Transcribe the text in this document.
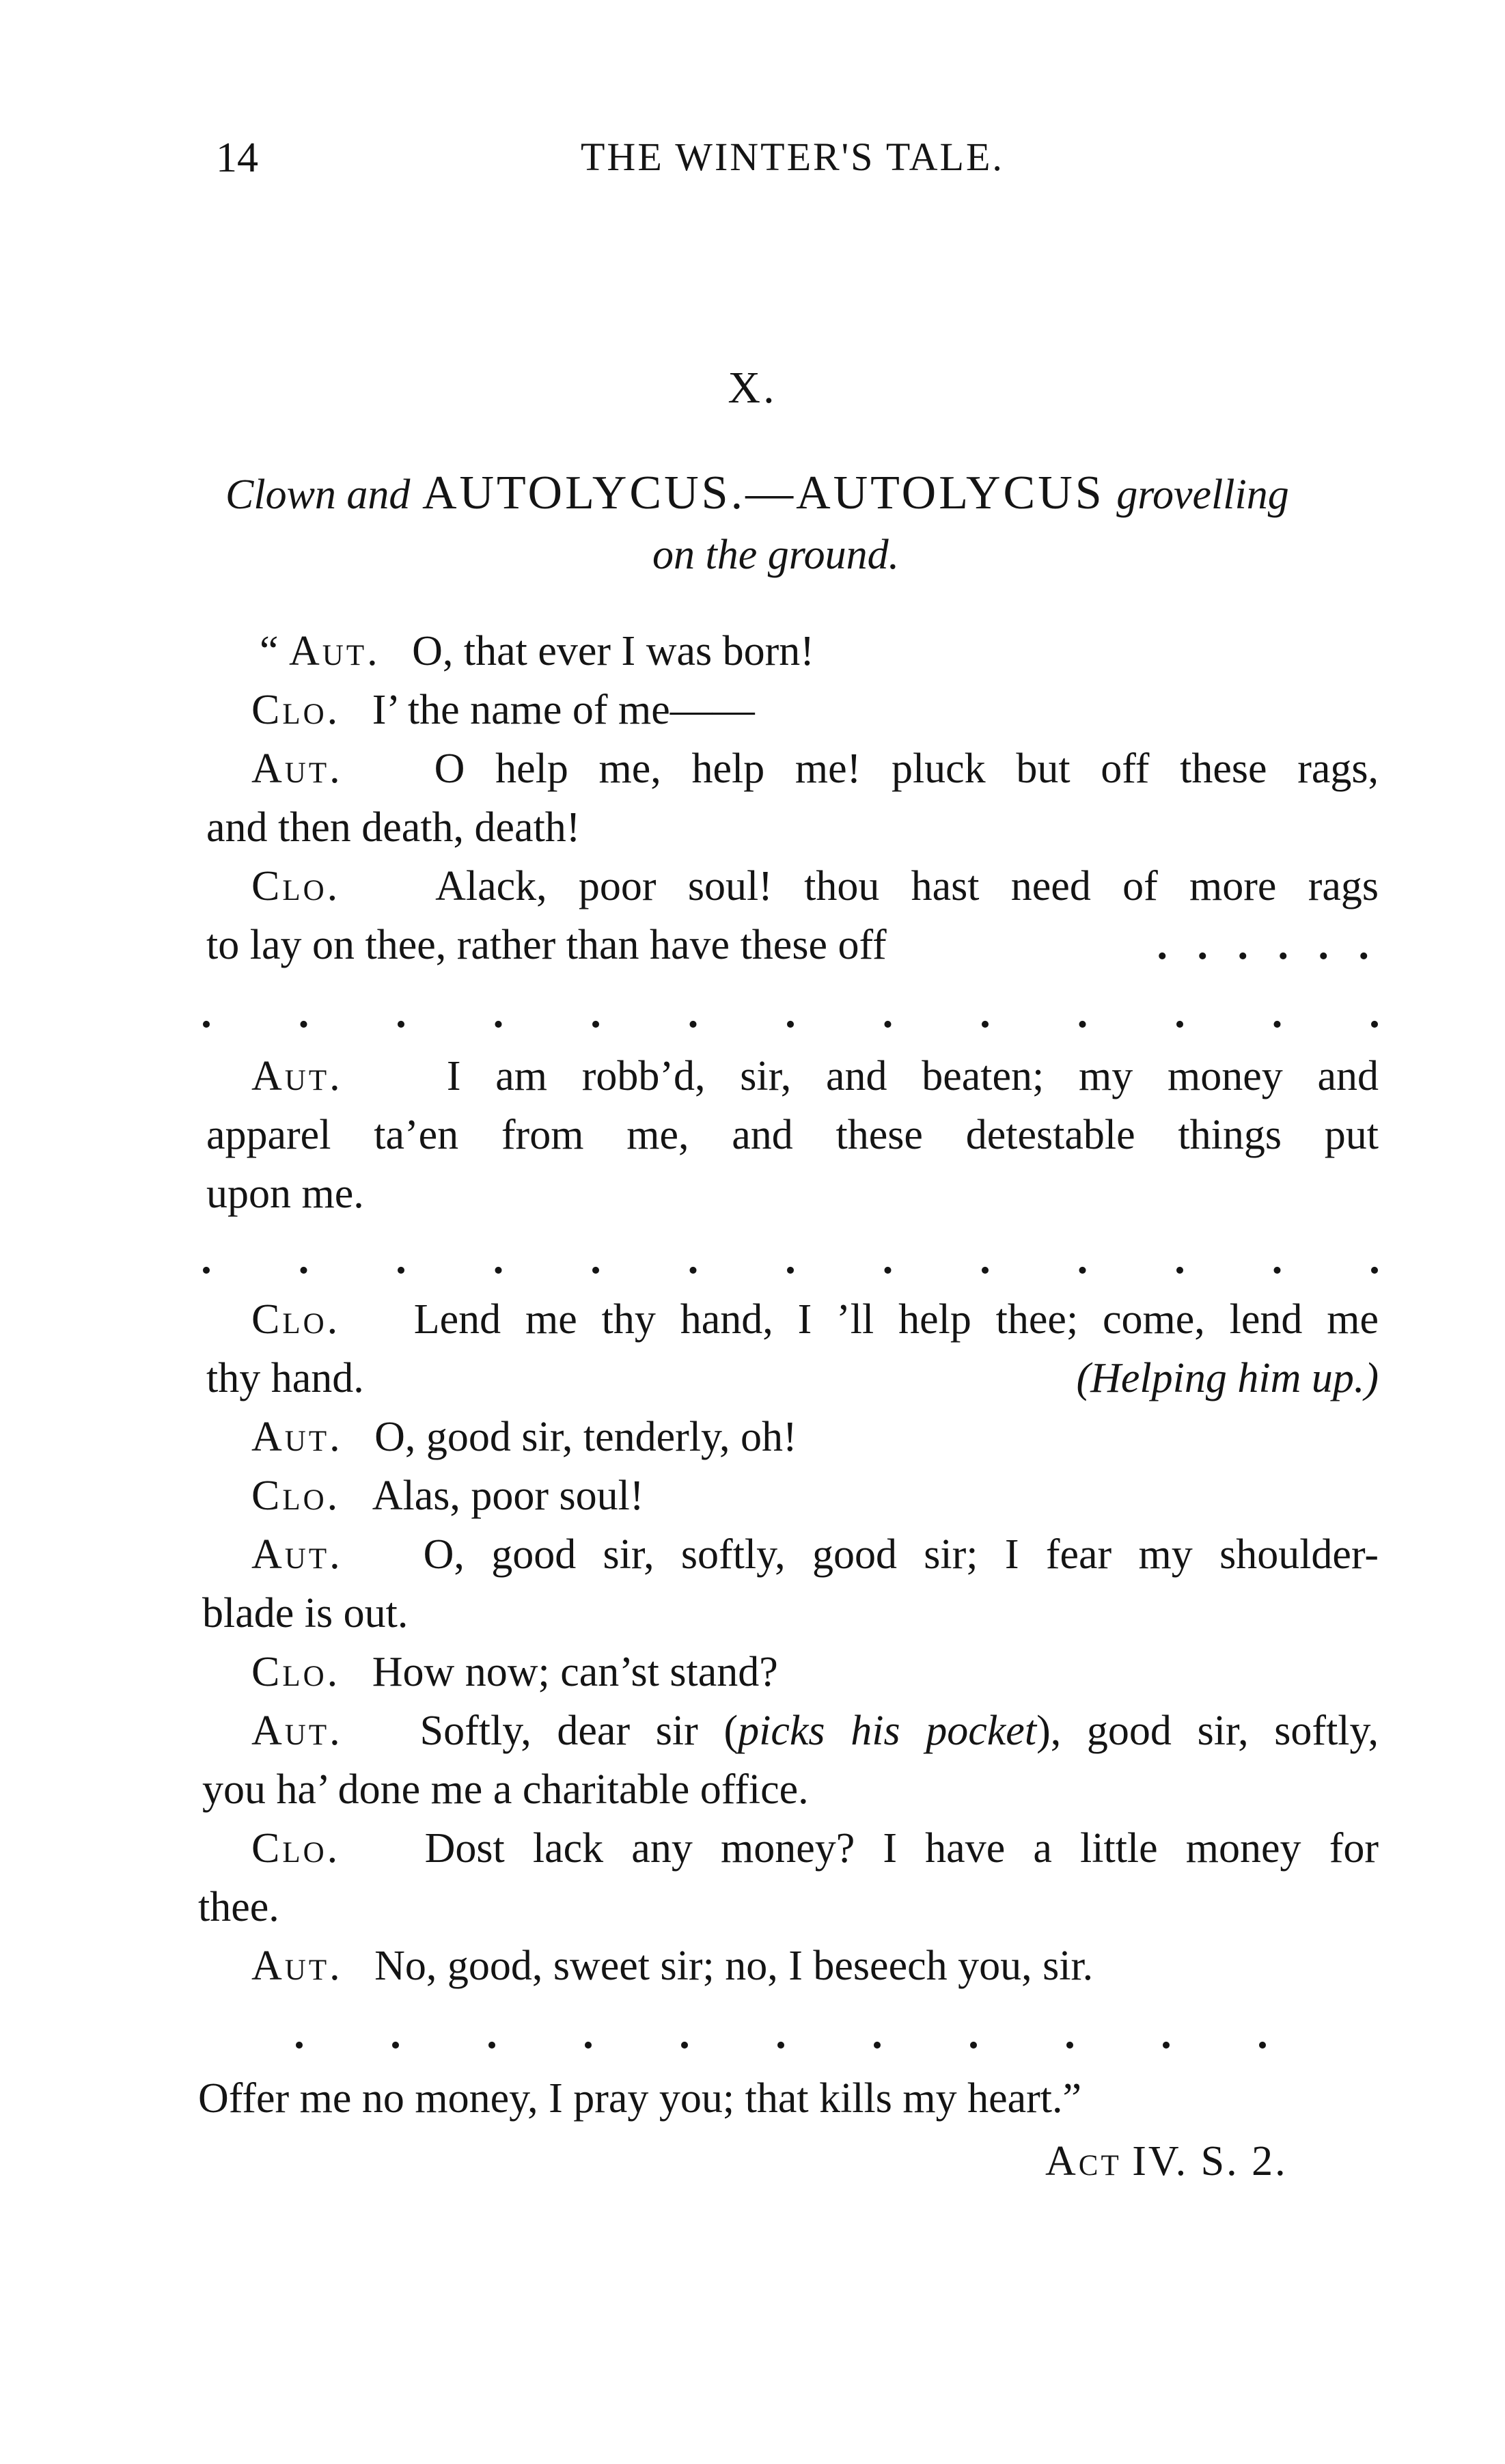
14	THE WINTER'S TALE.
X.
Clown and AUTOLYCUS.—AUTOLYCUS grovelling
on the ground.
“ Aut. O, that ever I was born!
Clo. I’ the name of me——
Aut. O help me, help me! pluck but off these rags,
and then death, death!
Clo. Alack, poor soul! thou hast need of more rags
to lay on thee, rather than have these off	. . . . . .
. . . . . . . . . . . . .
Aut. I am robb’d, sir, and beaten; my money and
apparel ta’en from me, and these detestable things put
upon me.
. . . . . . . . . . . . .
Clo. Lend me thy hand, I ’ll help thee; come, lend me
thy hand.	(Helping him up.)
Aut. O, good sir, tenderly, oh!
Clo. Alas, poor soul!
Aut. O, good sir, softly, good sir; I fear my shoulder-
blade is out.
Clo. How now; can’st stand?
Aut. Softly, dear sir (picks his pocket), good sir, softly,
you ha’ done me a charitable office.
Clo. Dost lack any money? I have a little money for
thee.
Aut. No, good, sweet sir; no, I beseech you, sir.
. . . . . . . . . . .
Offer me no money, I pray you; that kills my heart.”
Act IV. S. 2.
